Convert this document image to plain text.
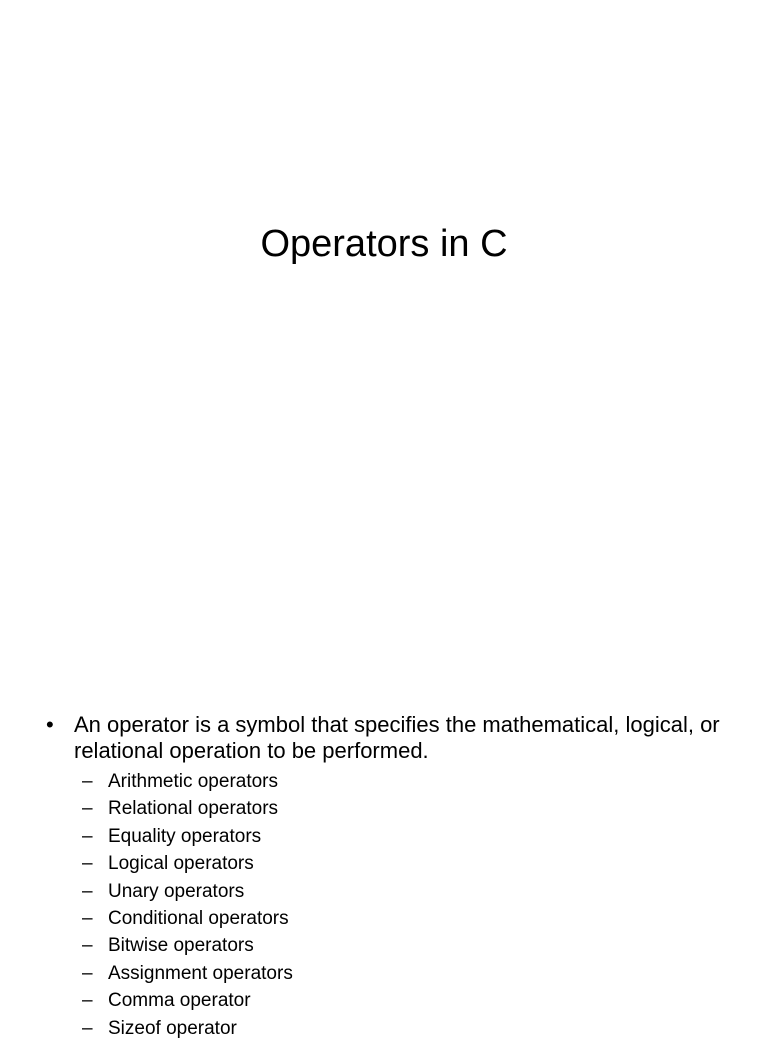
Operators in C
• An operator is a symbol that specifies the mathematical, logical, or relational operation to be performed.
– Arithmetic operators
– Relational operators
– Equality operators
– Logical operators
– Unary operators
– Conditional operators
– Bitwise operators
– Assignment operators
– Comma operator
– Sizeof operator
